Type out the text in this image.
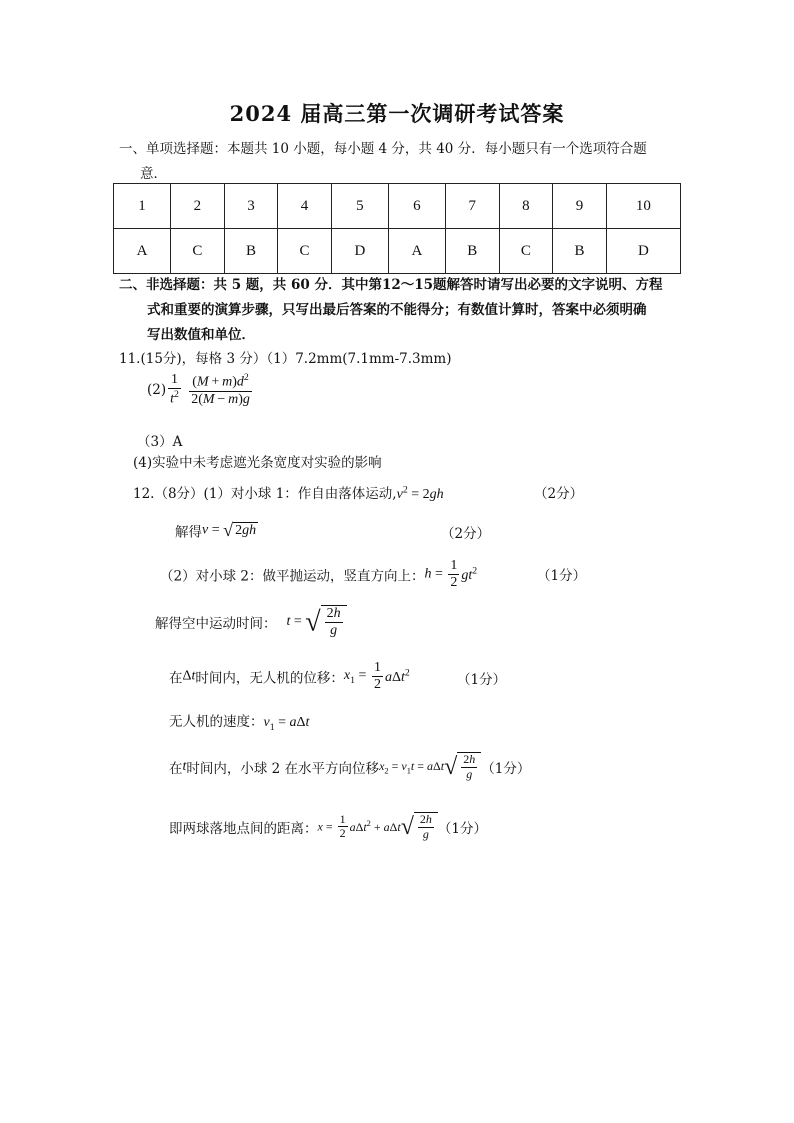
2024 届高三第一次调研考试答案
一、单项选择题：本题共 10 小题，每小题 4 分，共 40 分．每小题只有一个选项符合题
意．
1	2	3	4	5	6	7	8	9	10
A	C	B	C	D	A	B	C	B	D
二、非选择题：共 5 题，共 60 分．其中第12～15题解答时请写出必要的文字说明、方程
式和重要的演算步骤，只写出最后答案的不能得分；有数值计算时，答案中必须明确
写出数值和单位．
11.(15分)，每格 3 分）（1）7.2mm(7.1mm-7.3mm)
$(2) \frac{1}{t^2}$
$\frac{(M + m)d^2}{2(M - m)g}$
（3）A
(4)实验中未考虑遮光条宽度对实验的影响
12.（8分）(1）对小球 1：作自由落体运动$,v^2 = 2gh$	（2分）
解得v = √ 2gh	（2分）
（2）对小球 2：做平抛运动，竖直方向上：$h = \frac{1}{2} gt^2$	（1分）
解得空中运动时间： t = √ $\frac{2h}{g}$
在Δt时间内，无人机的位移：$x_1 = \frac{1}{2} a\Delta t^2$	（1分）
无人机的速度：$v_1 = a\Delta t$
在t时间内，小球 2 在水平方向位移$x_2 = v_1t = a\Delta t√ \frac{2h}{g} (1$分）
即两球落地点间的距离：$x = \frac{1}{2} a\Delta t^2 + a\Delta t√ \frac{2h}{g} (1$分）
